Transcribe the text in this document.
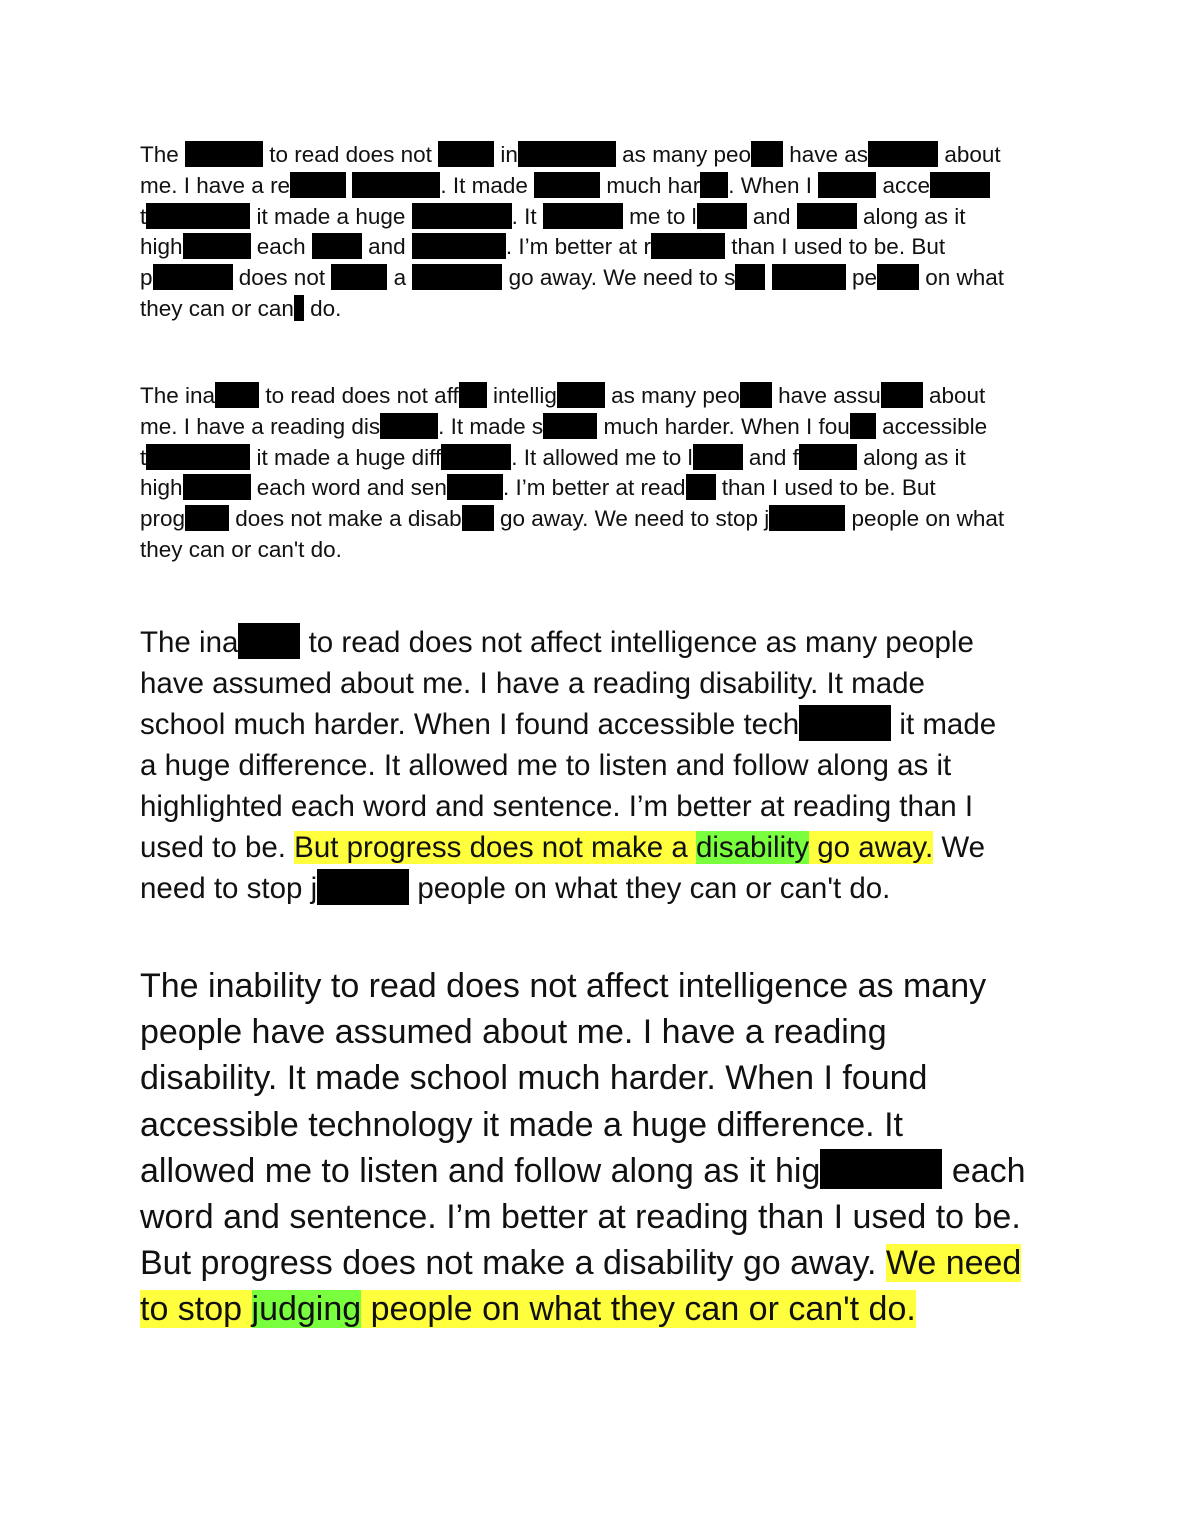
The	to read does not  in	as many peo have as	about
me. I have a re	. It made	much har . When I	acce
t	it made a huge	. It	me to l and	along as it
high	each  and	. I’m better at r	than I used to be. But
p	does not  a	go away. We need to s	pe on what
they can or can do.
The ina to read does not aff intellig as many peo have assu about
me. I have a reading dis	. It made s much harder. When I fou accessible
t	it made a huge diff	. It allowed me to l and f	along as it
high	each word and sen . I’m better at read than I used to be. But
prog does not make a disab go away. We need to stop j	people on what
they can or can't do.
The ina to read does not affect intelligence as many people
have assumed about me. I have a reading disability. It made
school much harder. When I found accessible tech	it made
a huge difference. It allowed me to listen and follow along as it
highlighted each word and sentence. I’m better at reading than I
used to be. But progress does not make a disability go away. We
need to stop j	people on what they can or can't do.
The inability to read does not affect intelligence as many
people have assumed about me. I have a reading
disability. It made school much harder. When I found
accessible technology it made a huge difference. It
allowed me to listen and follow along as it hig	each
word and sentence. I’m better at reading than I used to be.
But progress does not make a disability go away. We need
to stop judging people on what they can or can't do.
